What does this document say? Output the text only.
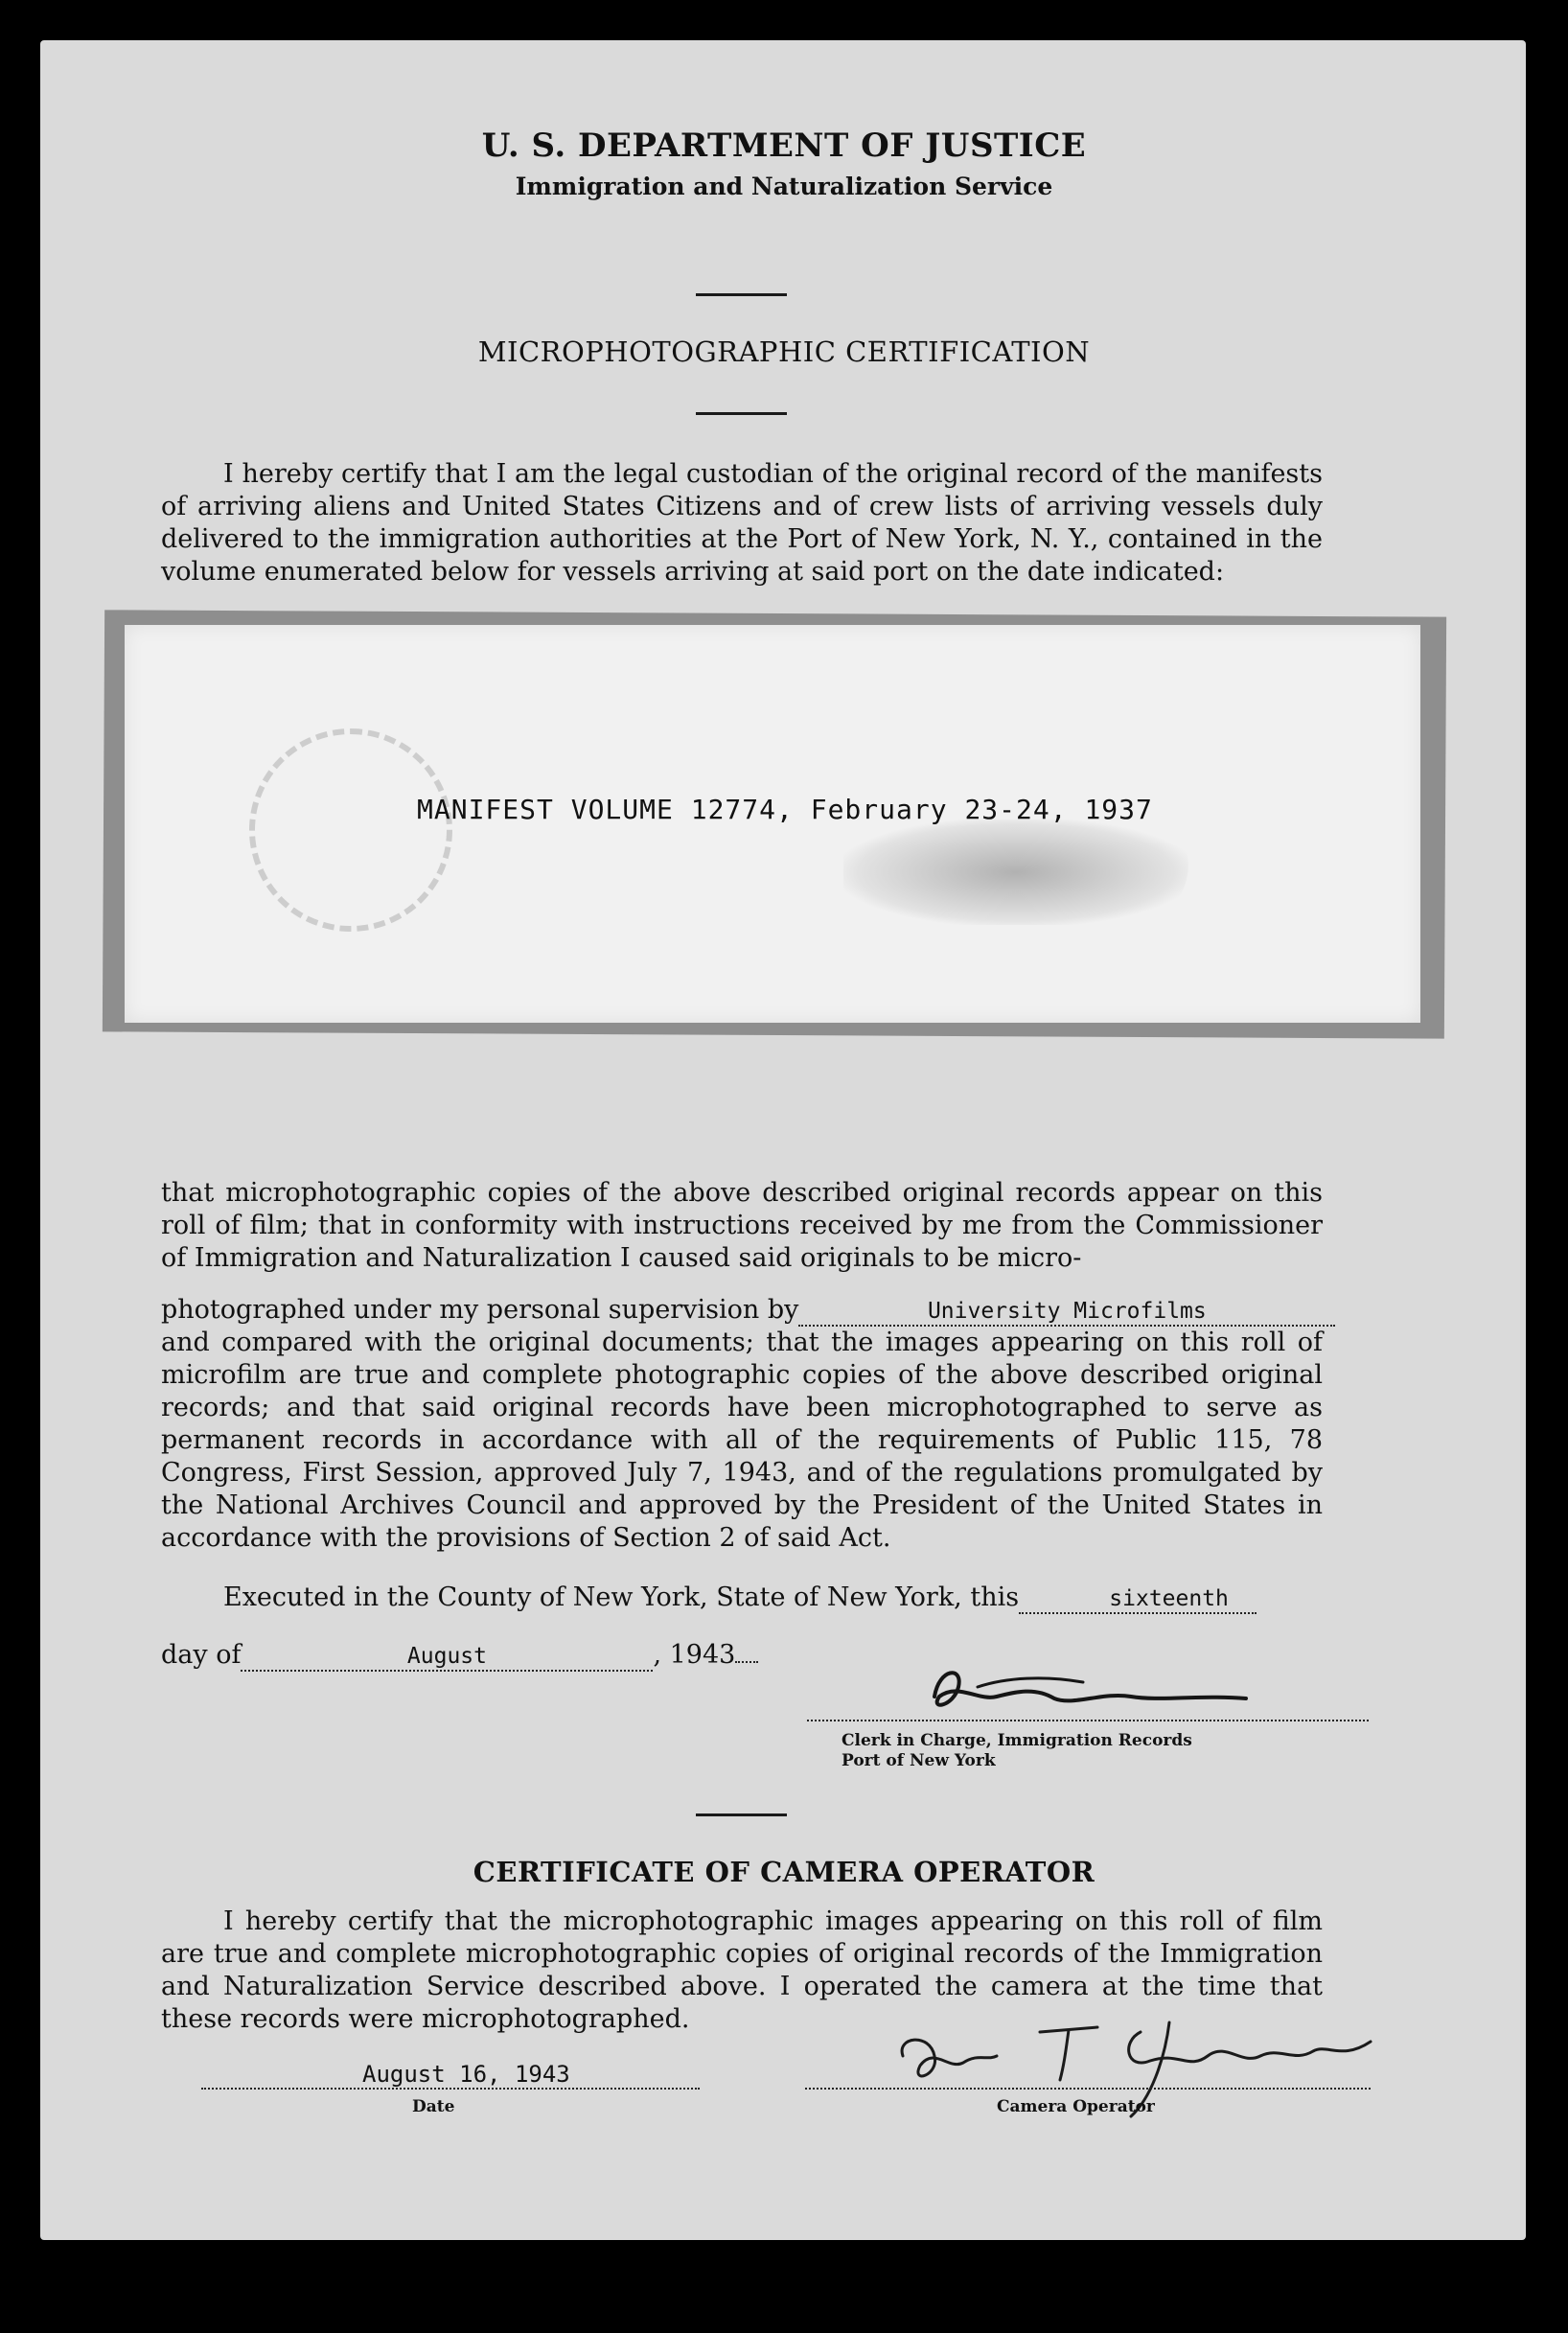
U. S. DEPARTMENT OF JUSTICE
Immigration and Naturalization Service
MICROPHOTOGRAPHIC CERTIFICATION

I hereby certify that I am the legal custodian of the original record of the manifests of arriving aliens and United States Citizens and of crew lists of arriving vessels duly delivered to the immigration authorities at the Port of New York, N. Y., contained in the volume enumerated below for vessels arriving at said port on the date indicated:

MANIFEST VOLUME 12774, February 23-24, 1937

that microphotographic copies of the above described original records appear on this roll of film; that in conformity with instructions received by me from the Commissioner of Immigration and Naturalization I caused said originals to be micro-

photographed under my personal supervision by	University Microfilms

and compared with the original documents; that the images appearing on this roll of microfilm are true and complete photographic copies of the above described original records; and that said original records have been microphotographed to serve as permanent records in accordance with all of the requirements of Public 115, 78 Congress, First Session, approved July 7, 1943, and of the regulations promulgated by the National Archives Council and approved by the President of the United States in accordance with the provisions of Section 2 of said Act.

Executed in the County of New York, State of New York, this	sixteenth
day of	August	, 1943
Clerk in Charge, Immigration Records
Port of New York
CERTIFICATE OF CAMERA OPERATOR

I hereby certify that the microphotographic images appearing on this roll of film are true and complete microphotographic copies of original records of the Immigration and Naturalization Service described above. I operated the camera at the time that these records were microphotographed.

August 16, 1943
Date	Camera Operator
